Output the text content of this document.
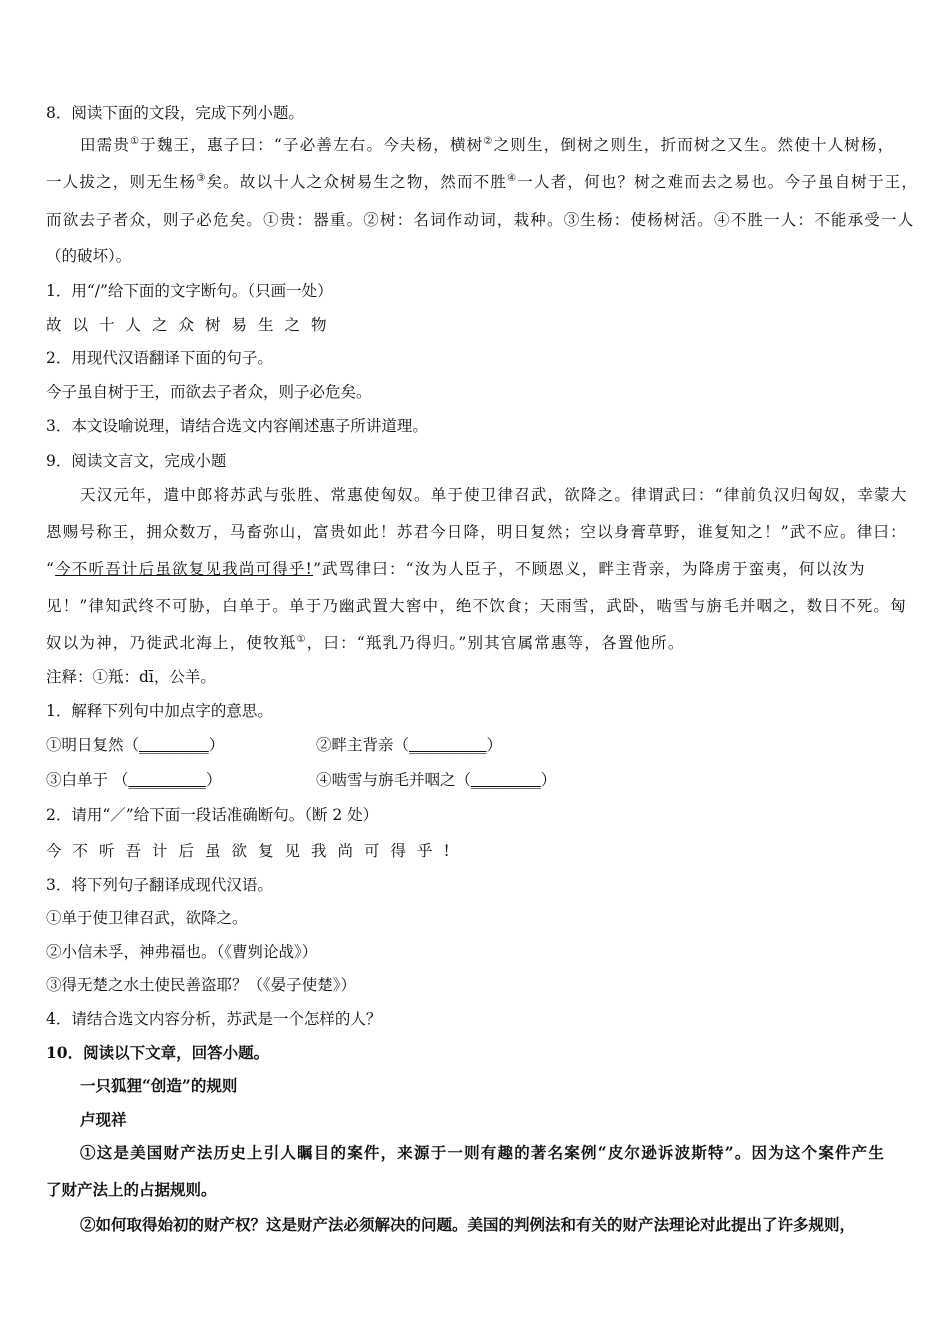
8．阅读下面的文段，完成下列小题。
田需贵①于魏王，惠子曰：“子必善左右。今夫杨，横树②之则生，倒树之则生，折而树之又生。然使十人树杨，
一人拔之，则无生杨③矣。故以十人之众树易生之物，然而不胜④一人者，何也？树之难而去之易也。今子虽自树于王，
而欲去子者众，则子必危矣。①贵：器重。②树：名词作动词，栽种。③生杨：使杨树活。④不胜一人：不能承受一人
（的破坏）。
1．用“/”给下面的文字断句。（只画一处）
故以十人之众树易生之物
2．用现代汉语翻译下面的句子。
今子虽自树于王，而欲去子者众，则子必危矣。
3．本文设喻说理，请结合选文内容阐述惠子所讲道理。
9．阅读文言文，完成小题
天汉元年，遣中郎将苏武与张胜、常惠使匈奴。单于使卫律召武，欲降之。律谓武曰：“律前负汉归匈奴，幸蒙大
恩赐号称王，拥众数万，马畜弥山，富贵如此！苏君今日降，明日复然；空以身膏草野，谁复知之！”武不应。律曰：
“今不听吾计后虽欲复见我尚可得乎!”武骂律曰：“汝为人臣子，不顾恩义，畔主背亲，为降虏于蛮夷，何以汝为
见！”律知武终不可胁，白单于。单于乃幽武置大窖中，绝不饮食；天雨雪，武卧，啮雪与旃毛并咽之，数日不死。匈
奴以为神，乃徙武北海上，使牧羝①，曰：“羝乳乃得归。”别其官属常惠等，各置他所。
注释：①羝：dī，公羊。
1．解释下列句中加点字的意思。
①明日复然（_________）	②畔主背亲（__________）
③白单于 （__________）	④啮雪与旃毛并咽之（_________）
2．请用“／”给下面一段话准确断句。（断 2 处）
今不听吾计后虽欲复见我尚可得乎!
3．将下列句子翻译成现代汉语。
①单于使卫律召武，欲降之。
②小信未孚，神弗福也。（《曹刿论战》）
③得无楚之水土使民善盗耶？（《晏子使楚》）
4．请结合选文内容分析，苏武是一个怎样的人？
10．阅读以下文章，回答小题。
一只狐狸“创造”的规则
卢现祥
①这是美国财产法历史上引人瞩目的案件，来源于一则有趣的著名案例“皮尔逊诉波斯特”。因为这个案件产生
了财产法上的占据规则。
②如何取得始初的财产权？这是财产法必须解决的问题。美国的判例法和有关的财产法理论对此提出了许多规则，
